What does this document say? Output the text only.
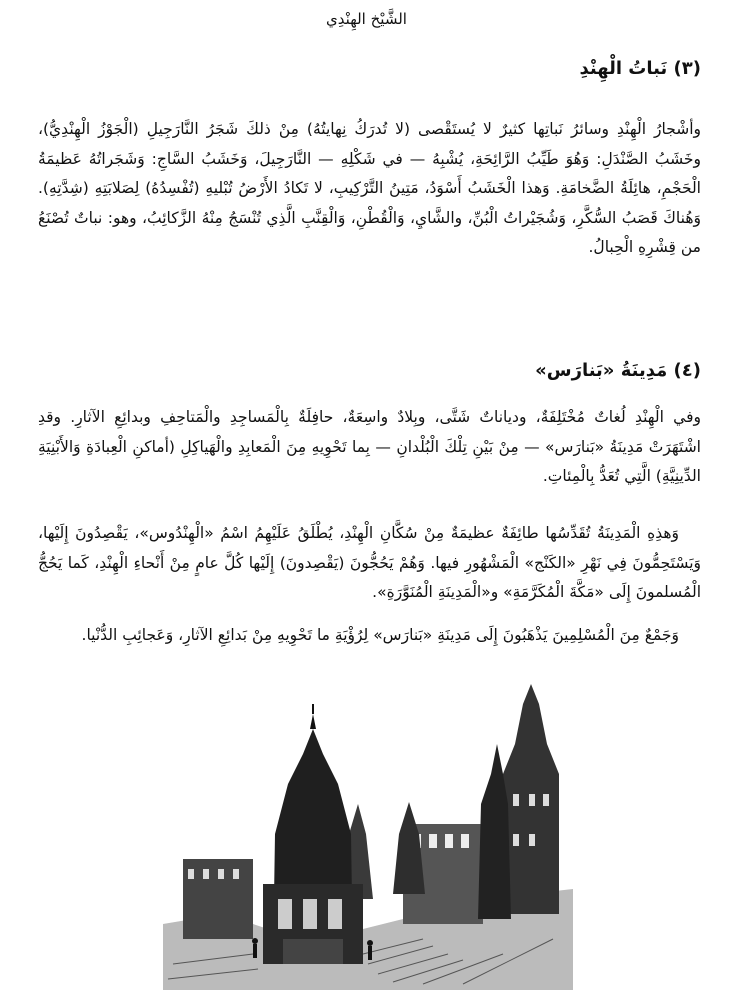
الشَّيْخ الهِنْدِي
(٣) نَباتُ الْهِنْدِ

وأشْجارُ الْهِنْدِ وسائرُ نَباتِها كثيرٌ لا يُستَقْصى (لا تُدرَكُ نِهايتُهُ) مِنْ ذلكَ شَجَرُ النَّارَجِيلِ (الْجَوْزُ الْهِنْدِيُّ)، وخَشَبُ الصَّنْدَلِ: وَهُوَ طَيِّبُ الرَّائِحَةِ، يُشْبِهُ — في شَكْلِهِ — النَّارَجِيلَ، وَخَشَبُ السَّاجِ: وَشَجَراتُهُ عَظيمَةُ الْحَجْمِ، هائِلَةُ الضَّخامَةِ. وَهذا الْخَشَبُ أَسْوَدُ، مَتِينُ التَّرْكِيبِ، لا تَكادُ الأَرْضُ تُبْليهِ (تُفْسِدُهُ) لِصَلابَتِهِ (شِدَّتِهِ). وَهُناكَ قَصَبُ السُّكَّرِ، وَشُجَيْراتُ الْبُنِّ، والشَّايِ، وَالْقُطْنِ، وَالْقِنَّبِ الَّذِي تُنْسَجُ مِنْهُ الزَّكائِبُ، وهو: نباتٌ تُصْنَعُ من قِشْرِهِ الْحِبالُ.

(٤) مَدِينَةُ «بَنارَس»

وفي الْهِنْدِ لُغاتٌ مُخْتَلِفَةٌ، ودياناتٌ شَتَّى، وبِلادٌ واسِعَةٌ، حافِلَةٌ بِالْمَساجِدِ والْمَتاحِفِ وبدائِعِ الآثارِ. وقدِ اشْتَهَرَتْ مَدِينَةُ «بَنارَس» — مِنْ بَيْنِ تِلْكَ الْبُلْدانِ — بِما تَحْوِيهِ مِنَ الْمَعابِدِ والْهَياكِلِ (أماكنِ الْعِبادَةِ وَالأَبْنِيَةِ الدِّينِيَّةِ) الَّتِي تُعَدُّ بِالْمِئاتِ.

وَهذِهِ الْمَدِينَةُ تُقَدِّسُها طائِفَةٌ عظيمَةٌ مِنْ سُكَّانِ الْهِنْدِ، يُطْلَقُ عَلَيْهِمُ اسْمُ «الْهِنْدُوس»، يَقْصِدُونَ إِلَيْها، وَيَسْتَحِمُّونَ فِي نَهْرِ «الكَنْج» الْمَشْهُورِ فيها. وَهُمْ يَحُجُّونَ (يَقْصِدونَ) إِلَيْها كُلَّ عامٍ مِنْ أَنْحاءِ الْهِنْدِ، كَما يَحُجُّ الْمُسلمونَ إِلَى «مَكَّةَ الْمُكَرَّمَةِ» و«الْمَدِينَةِ الْمُنَوَّرَةِ».

وَجَمْعٌ مِنَ الْمُسْلِمِينَ يَذْهَبُونَ إِلَى مَدِينَةِ «بَنارَس» لِرُؤْيَةِ ما تَحْوِيهِ مِنْ بَدائِعِ الآثارِ، وَعَجائِبِ الدُّنْيا.
